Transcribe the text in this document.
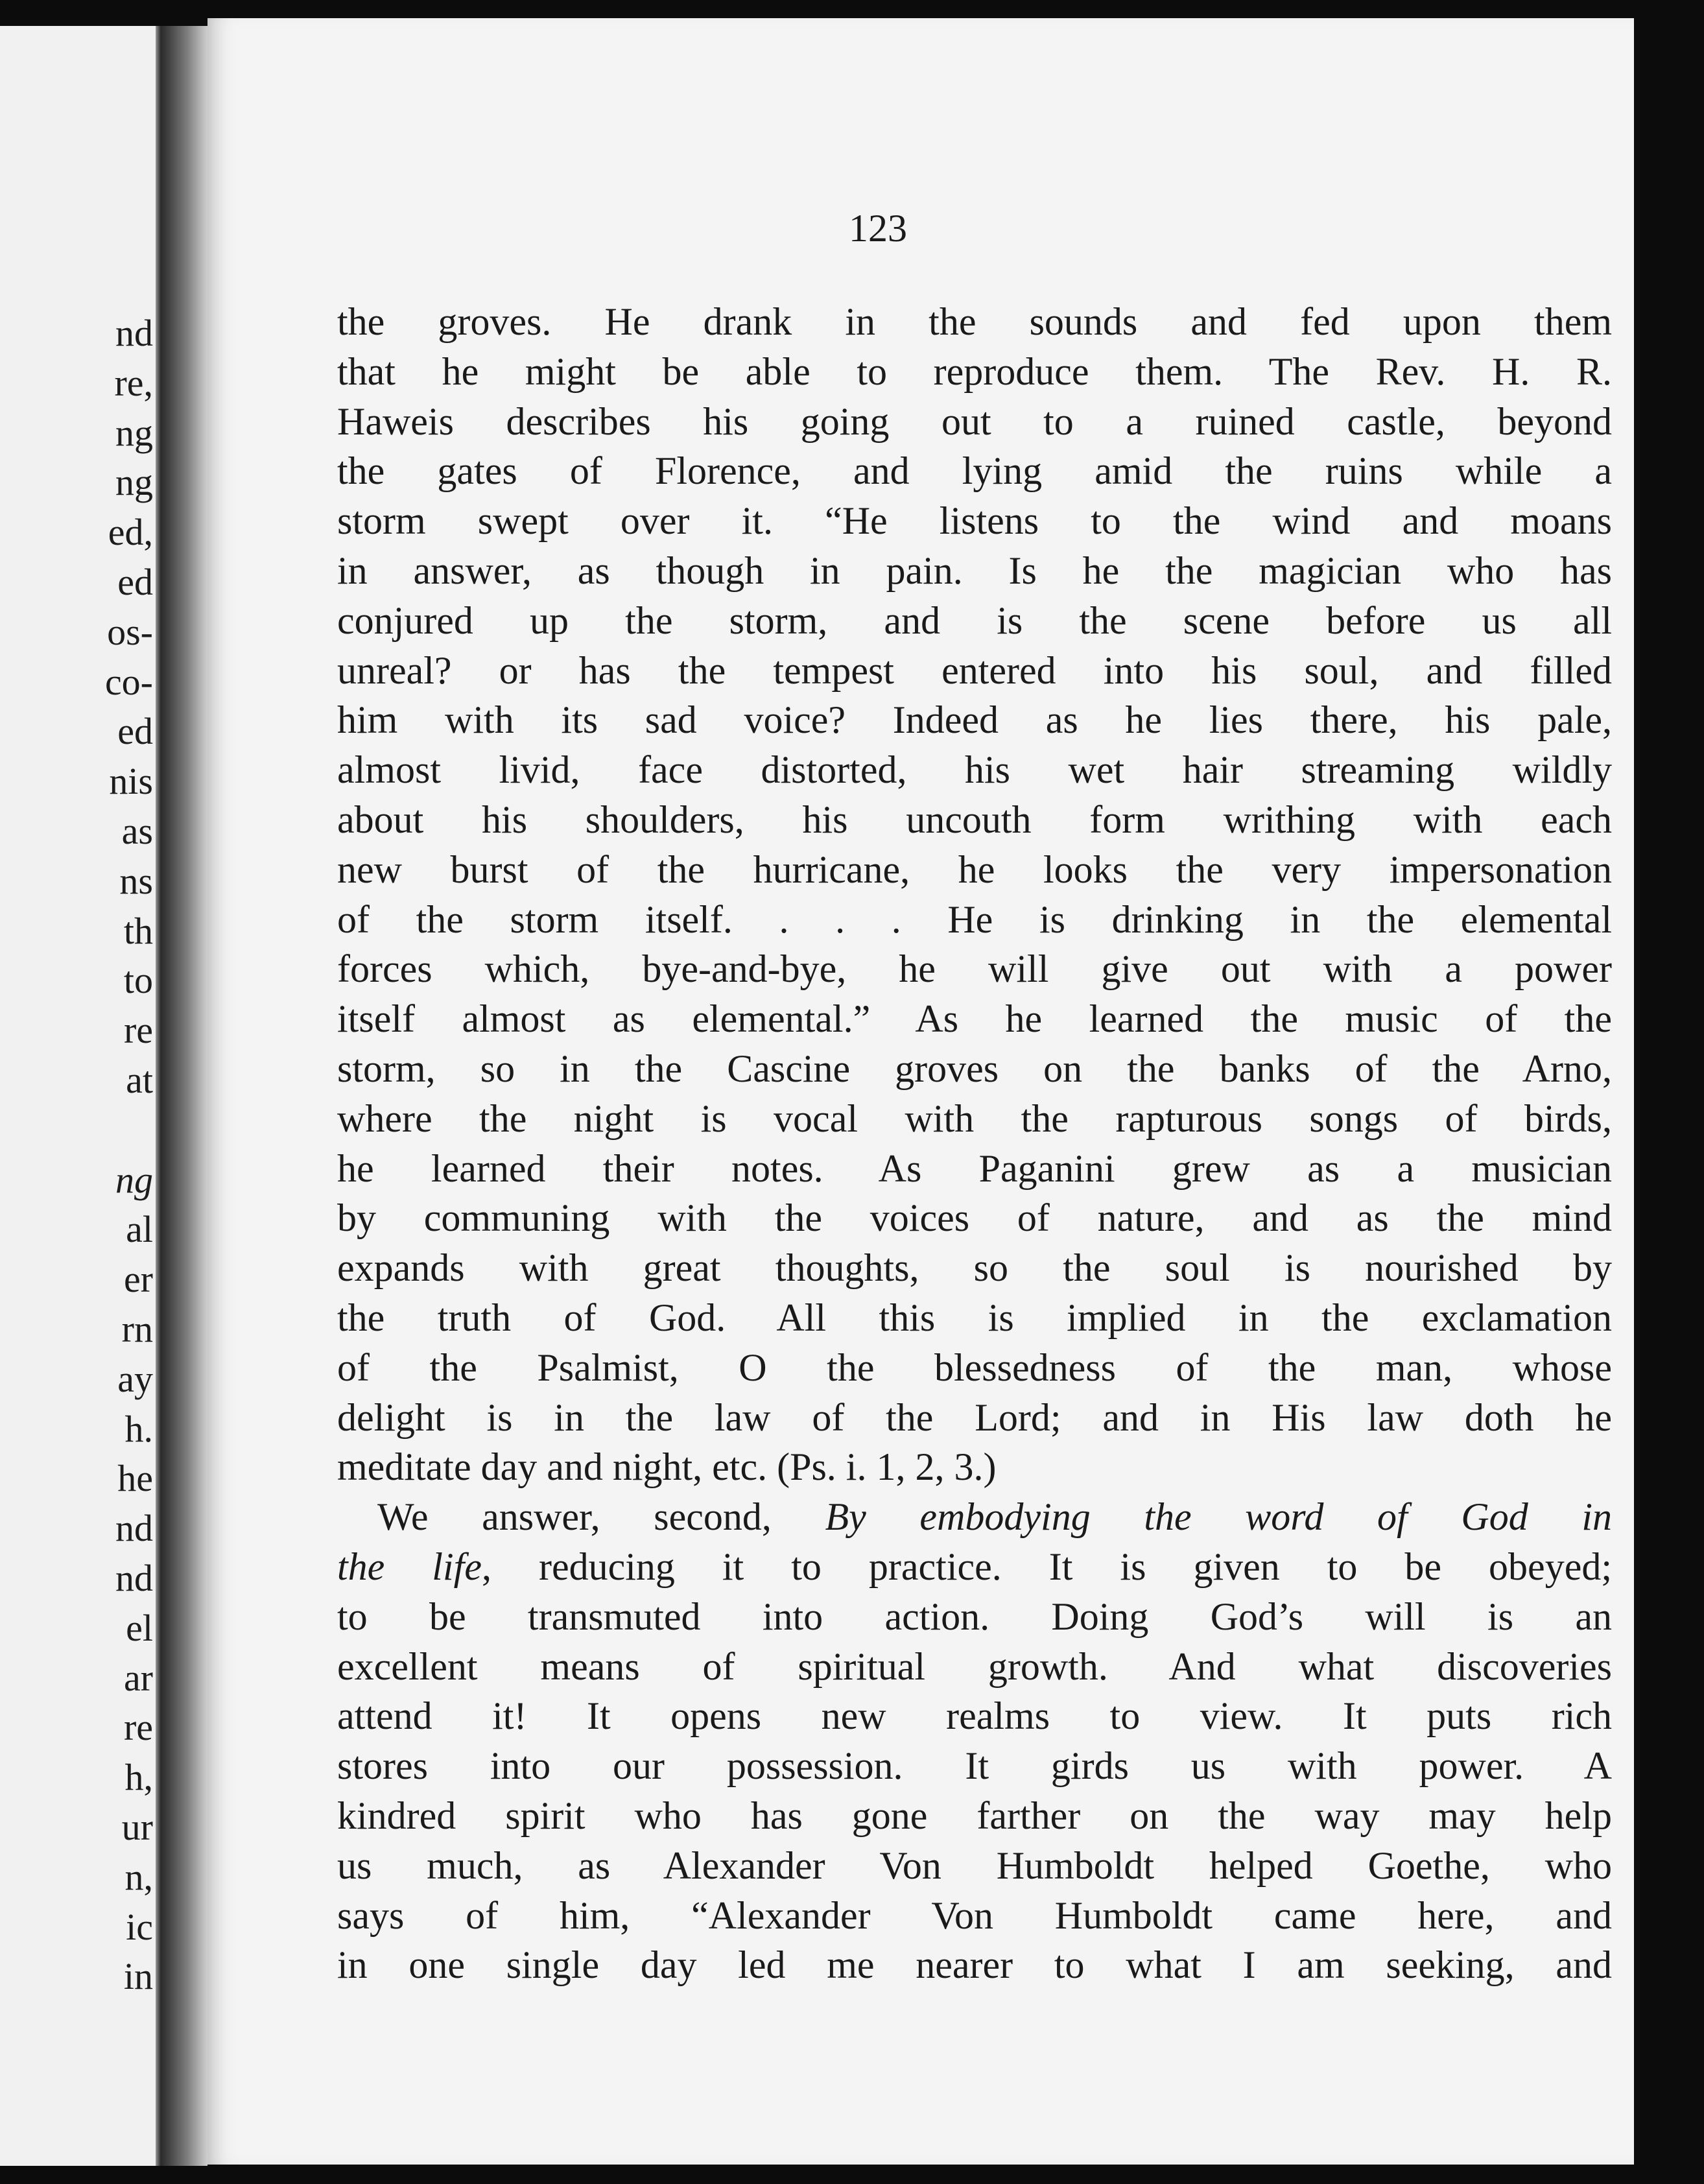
nd
re,
ng
ng
ed,
ed
os-
co-
ed
nis
as
ns
th
to
re
at
ng
al
er
rn
ay
h.
he
nd
nd
el
ar
re
h,
ur
n,
ic
in
123
the groves. He drank in the sounds and fed upon them
that he might be able to reproduce them. The Rev. H. R.
Haweis describes his going out to a ruined castle, beyond
the gates of Florence, and lying amid the ruins while a
storm swept over it. “He listens to the wind and moans
in answer, as though in pain. Is he the magician who has
conjured up the storm, and is the scene before us all
unreal? or has the tempest entered into his soul, and filled
him with its sad voice? Indeed as he lies there, his pale,
almost livid, face distorted, his wet hair streaming wildly
about his shoulders, his uncouth form writhing with each
new burst of the hurricane, he looks the very impersonation
of the storm itself. . . . He is drinking in the elemental
forces which, bye-and-bye, he will give out with a power
itself almost as elemental.” As he learned the music of the
storm, so in the Cascine groves on the banks of the Arno,
where the night is vocal with the rapturous songs of birds,
he learned their notes. As Paganini grew as a musician
by communing with the voices of nature, and as the mind
expands with great thoughts, so the soul is nourished by
the truth of God. All this is implied in the exclamation
of the Psalmist, O the blessedness of the man, whose
delight is in the law of the Lord; and in His law doth he
meditate day and night, etc. (Ps. i. 1, 2, 3.)
We answer, second, By embodying the word of God in
the life, reducing it to practice. It is given to be obeyed;
to be transmuted into action. Doing God’s will is an
excellent means of spiritual growth. And what discoveries
attend it! It opens new realms to view. It puts rich
stores into our possession. It girds us with power. A
kindred spirit who has gone farther on the way may help
us much, as Alexander Von Humboldt helped Goethe, who
says of him, “Alexander Von Humboldt came here, and
in one single day led me nearer to what I am seeking, and
